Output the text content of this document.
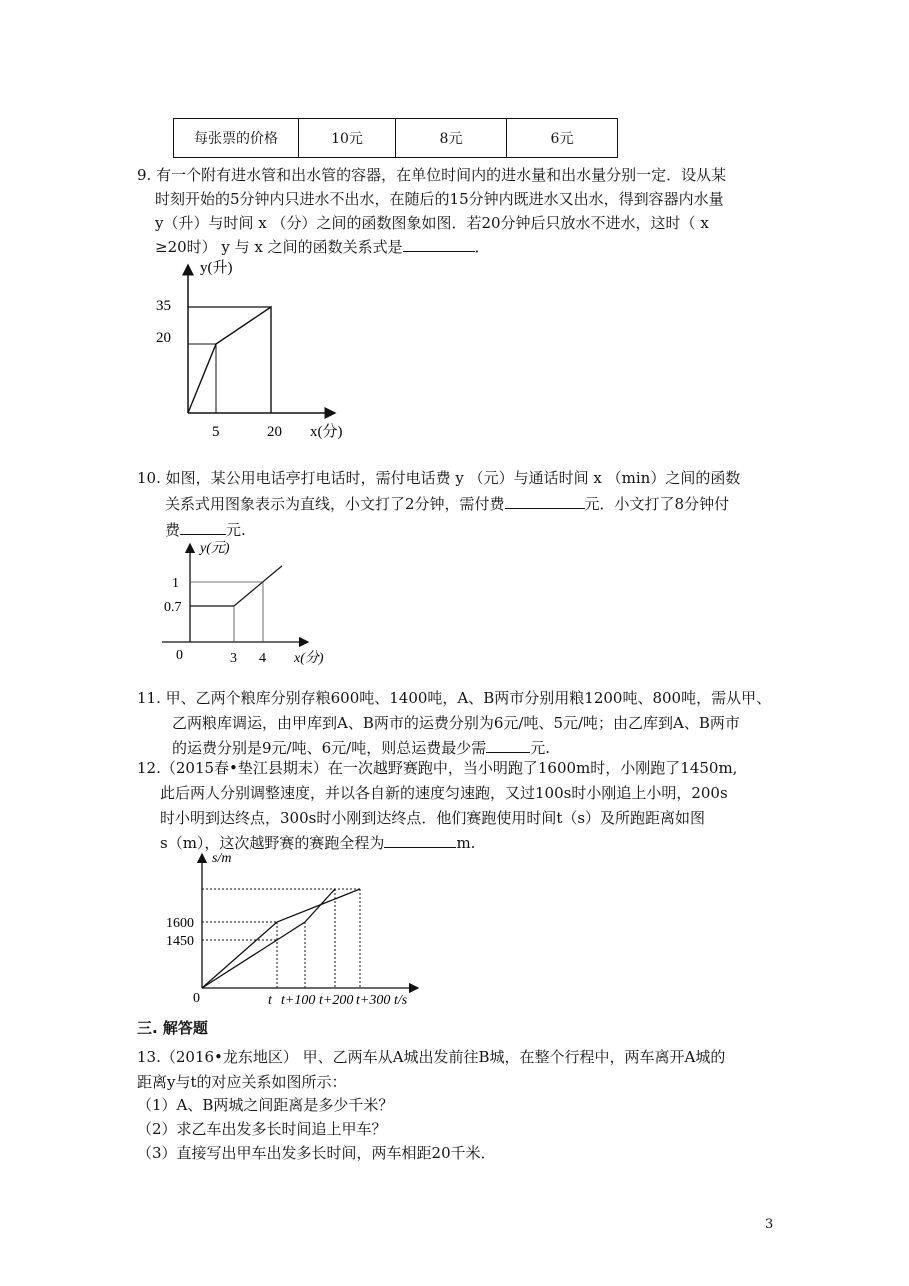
每张票的价格	10元	8元	6元
9. 有一个附有进水管和出水管的容器，在单位时间内的进水量和出水量分别一定．设从某
时刻开始的5分钟内只进水不出水，在随后的15分钟内既进水又出水，得到容器内水量
y（升）与时间 x （分）之间的函数图象如图．若20分钟后只放水不进水，这时（ x
≥20时） y 与 x 之间的函数关系式是	．
y(升)
35
20
5	20 x(分)
10. 如图，某公用电话亭打电话时，需付电话费 y （元）与通话时间 x （min）之间的函数
关系式用图象表示为直线，小文打了2分钟，需付费	元．小文打了8分钟付
费	元.
y(元)
1
0.7
0	3 4 x(分)
11. 甲、乙两个粮库分别存粮600吨、1400吨，A、B两市分别用粮1200吨、800吨，需从甲、
乙两粮库调运，由甲库到A、B两市的运费分别为6元/吨、5元/吨；由乙库到A、B两市
的运费分别是9元/吨、6元/吨，则总运费最少需	元.
12.（2015春•垫江县期末）在一次越野赛跑中，当小明跑了1600m时，小刚跑了1450m,
此后两人分别调整速度，并以各自新的速度匀速跑，又过100s时小刚追上小明，200s
时小明到达终点，300s时小刚到达终点．他们赛跑使用时间t（s）及所跑距离如图
s（m），这次越野赛的赛跑全程为	m.
s/m
1600
1450
0	t t+100 t+200 t+300 t/s
三. 解答题
13.（2016•龙东地区） 甲、乙两车从A城出发前往B城，在整个行程中，两车离开A城的
距离y与t的对应关系如图所示：
（1）A、B两城之间距离是多少千米？
（2）求乙车出发多长时间追上甲车？
（3）直接写出甲车出发多长时间，两车相距20千米．
3
